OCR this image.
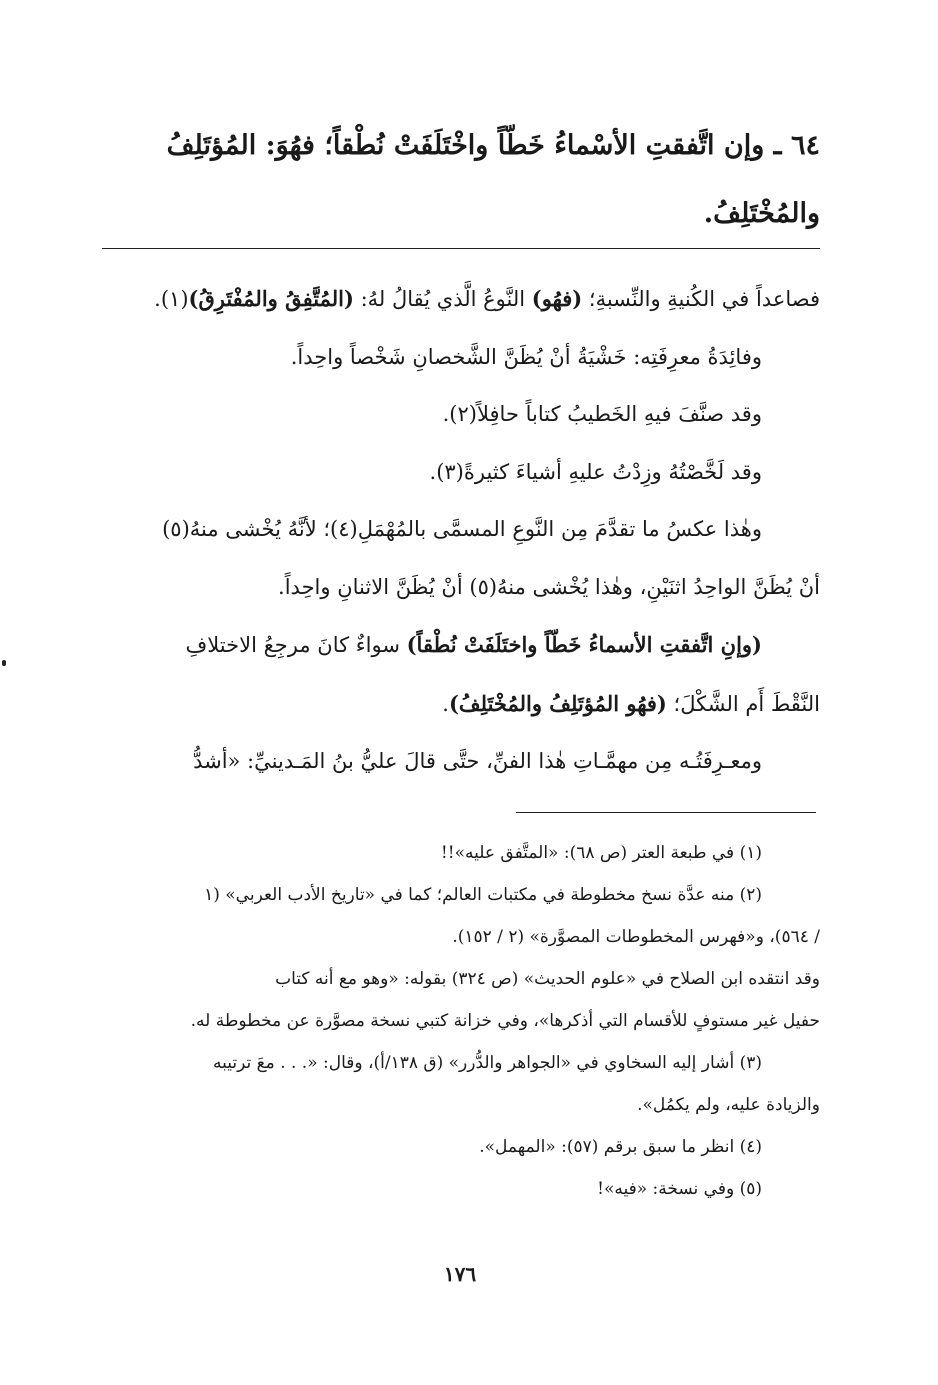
٦٤ ـ وإن اتَّفقتِ الأسْماءُ خَطّاً واخْتَلَفَتْ نُطْقاً؛ فهُوَ: المُؤتَلِفُ
والمُخْتَلِفُ.

فصاعداً في الكُنيةِ والنِّسبةِ؛ (فهُو) النَّوعُ الَّذي يُقالُ لهُ: (المُتَّفِقُ والمُفْتَرِقُ)(١).

وفائِدَةُ معرِفَتِه: خَشْيَةُ أنْ يُظَنَّ الشَّخصانِ شَخْصاً واحِداً.

وقد صنَّفَ فيهِ الخَطيبُ كتاباً حافِلاً(٢).

وقد لَخَّصْتُهُ وزِدْتُ عليهِ أشياءَ كثيرةً(٣).

وهٰذا عكسُ ما تقدَّمَ مِن النَّوعِ المسمَّى بالمُهْمَلِ(٤)؛ لأنَّهُ يُخْشى منهُ(٥)

أنْ يُظَنَّ الواحِدُ اثنَيْنِ، وهٰذا يُخْشى منهُ(٥) أنْ يُظَنَّ الاثنانِ واحِداً.

(وإنِ اتَّفقتِ الأسماءُ خَطّاً واختَلَفَتْ نُطْقاً) سواءٌ كانَ مرجِعُ الاختلافِ

النَّقْطَ أَم الشَّكْلَ؛ (فهُو المُؤتَلِفُ والمُخْتَلِفُ).

ومعـرِفَتُـه مِن مهمَّـاتِ هٰذا الفنِّ، حتَّى قالَ عليُّ بنُ المَـدينيِّ: «أشدُّ

(١) في طبعة العتر (ص ٦٨): «المتَّفق عليه»!!

(٢) منه عدَّة نسخ مخطوطة في مكتبات العالم؛ كما في «تاريخ الأدب العربي» (١

/ ٥٦٤)، و«فهرس المخطوطات المصوَّرة» (٢ / ١٥٢).

وقد انتقده ابن الصلاح في «علوم الحديث» (ص ٣٢٤) بقوله: «وهو مع أنه كتاب

حفيل غير مستوفٍ للأقسام التي أذكرها»، وفي خزانة كتبي نسخة مصوَّرة عن مخطوطة له.

(٣) أشار إليه السخاوي في «الجواهر والدُّرر» (ق ١٣٨/أ)، وقال: «. . . معَ ترتيبه

والزيادة عليه، ولم يكمُل».

(٤) انظر ما سبق برقم (٥٧): «المهمل».

(٥) وفي نسخة: «فيه»!

١٧٦
